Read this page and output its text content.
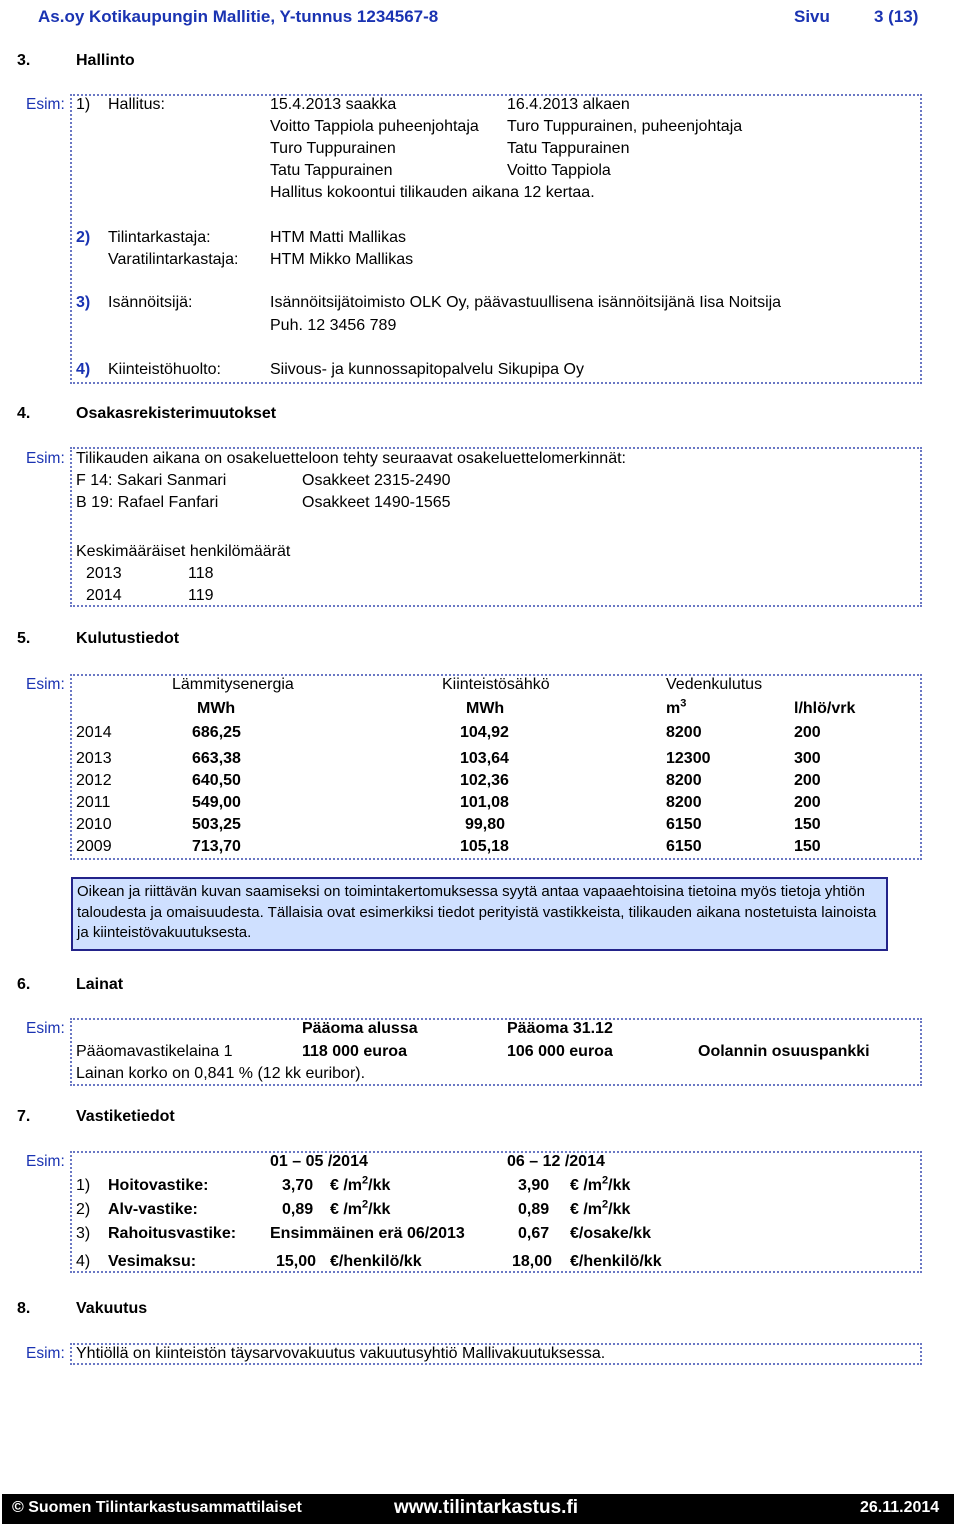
As.oy Kotikaupungin Mallitie, Y-tunnus 1234567-8	Sivu	3 (13)
3.	Hallinto
Esim: 1) Hallitus:	15.4.2013 saakka	16.4.2013 alkaen
Voitto Tappiola puheenjohtaja	Turo Tuppurainen, puheenjohtaja
Turo Tuppurainen	Tatu Tappurainen
Tatu Tappurainen	Voitto Tappiola
Hallitus kokoontui tilikauden aikana 12 kertaa.
2) Tilintarkastaja:	HTM Matti Mallikas
Varatilintarkastaja: HTM Mikko Mallikas
3) Isännöitsijä:	Isännöitsijätoimisto OLK Oy, päävastuullisena isännöitsijänä Iisa Noitsija
Puh. 12 3456 789
4) Kiinteistöhuolto:	Siivous- ja kunnossapitopalvelu Sikupipa Oy
4.	Osakasrekisterimuutokset
Esim: Tilikauden aikana on osakeluetteloon tehty seuraavat osakeluettelomerkinnät:
F 14: Sakari Sanmari	Osakkeet 2315-2490
B 19: Rafael Fanfari	Osakkeet 1490-1565
Keskimääräiset henkilömäärät
2013	118
2014	119
5.	Kulutustiedot
Esim:	Lämmitysenergia	Kiinteistösähkö	Vedenkulutus
MWh	MWh	$m^3$	l/hlö/vrk
2014	686,25	104,92	8200	200
2013	663,38	103,64	12300	300
2012	640,50	102,36	8200	200
2011	549,00	101,08	8200	200
2010	503,25	99,80	6150	150
2009	713,70	105,18	6150	150
Oikean ja riittävän kuvan saamiseksi on toimintakertomuksessa syytä antaa vapaaehtoisina tietoina myös tietoja yhtiön taloudesta ja omaisuudesta. Tällaisia ovat esimerkiksi tiedot perityistä vastikkeista, tilikauden aikana nostetuista lainoista ja kiinteistövakuutuksesta.
6.	Lainat
Esim:	Pääoma alussa	Pääoma 31.12
Pääomavastikelaina 1	118 000 euroa	106 000 euroa	Oolannin osuuspankki
Lainan korko on 0,841 % (12 kk euribor).
7.	Vastiketiedot
Esim:	01 – 05 /2014	06 – 12 /2014
1) Hoitovastike:	3,70 € $/m^2/kk$	3,90 € $/m^2/kk$
2) Alv-vastike:	0,89 € $/m^2/kk$	0,89 € $/m^2/kk$
3) Rahoitusvastike: Ensimmäinen erä 06/2013	0,67 €/osake/kk
4) Vesimaksu:	15,00 €/henkilö/kk	18,00 €/henkilö/kk
8.	Vakuutus
Esim: Yhtiöllä on kiinteistön täysarvovakuutus vakuutusyhtiö Mallivakuutuksessa.
© Suomen Tilintarkastusammattilaiset	www.tilintarkastus.fi	26.11.2014
